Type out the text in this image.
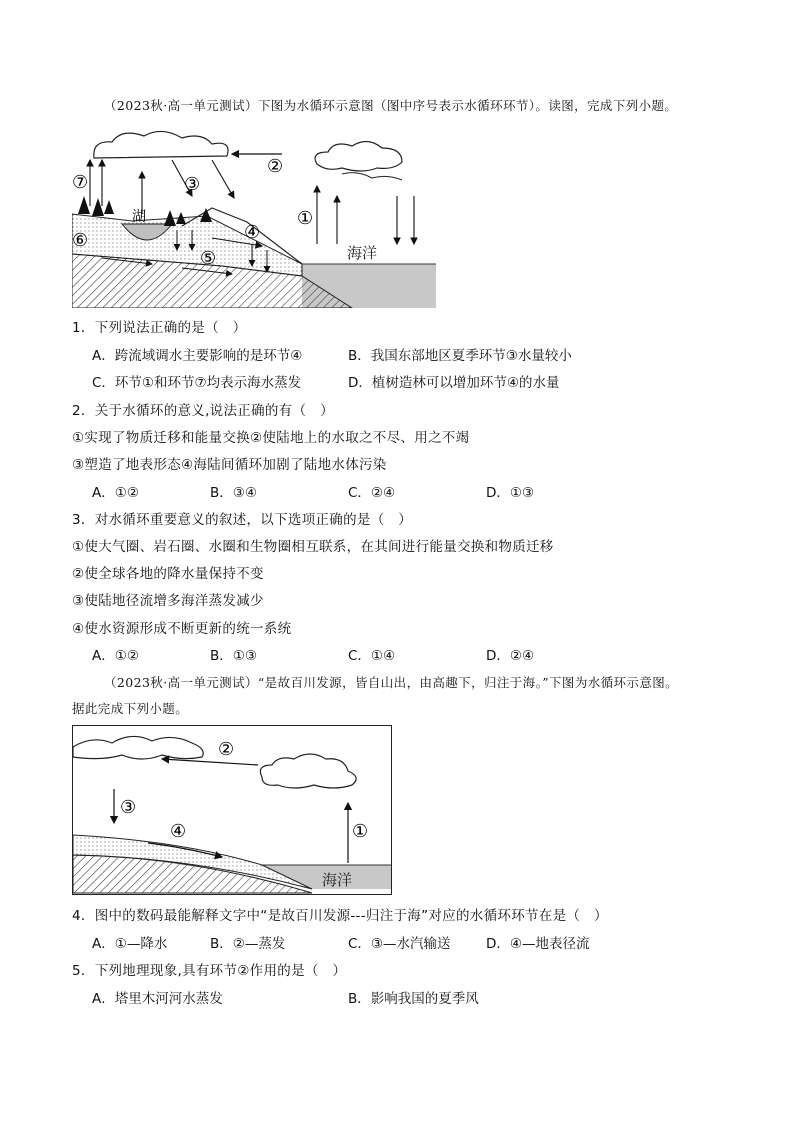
（2023秋·高一单元测试）下图为水循环示意图（图中序号表示水循环环节）。读图，完成下列小题。
湖
海洋
②
①
③
④
⑤
⑥
⑦
1．下列说法正确的是（　）
A．跨流域调水主要影响的是环节④	B．我国东部地区夏季环节③水量较小
C．环节①和环节⑦均表示海水蒸发	D．植树造林可以增加环节④的水量
2．关于水循环的意义,说法正确的有（　）
①实现了物质迁移和能量交换②使陆地上的水取之不尽、用之不竭
③塑造了地表形态④海陆间循环加剧了陆地水体污染
A．①②	B．③④	C．②④	D．①③
3．对水循环重要意义的叙述，以下选项正确的是（　）
①使大气圈、岩石圈、水圈和生物圈相互联系，在其间进行能量交换和物质迁移
②使全球各地的降水量保持不变
③使陆地径流增多海洋蒸发减少
④使水资源形成不断更新的统一系统
A．①②	B．①③	C．①④	D．②④
（2023秋·高一单元测试）“是故百川发源，皆自山出，由高趣下，归注于海。”下图为水循环示意图。
据此完成下列小题。
②
③
④	①
海洋
4．图中的数码最能解释文字中“是故百川发源---归注于海”对应的水循环环节在是（　）
A．①—降水	B．②—蒸发	C．③—水汽输送	D．④—地表径流
5．下列地理现象,具有环节②作用的是（　）
A．塔里木河河水蒸发	B．影响我国的夏季风
